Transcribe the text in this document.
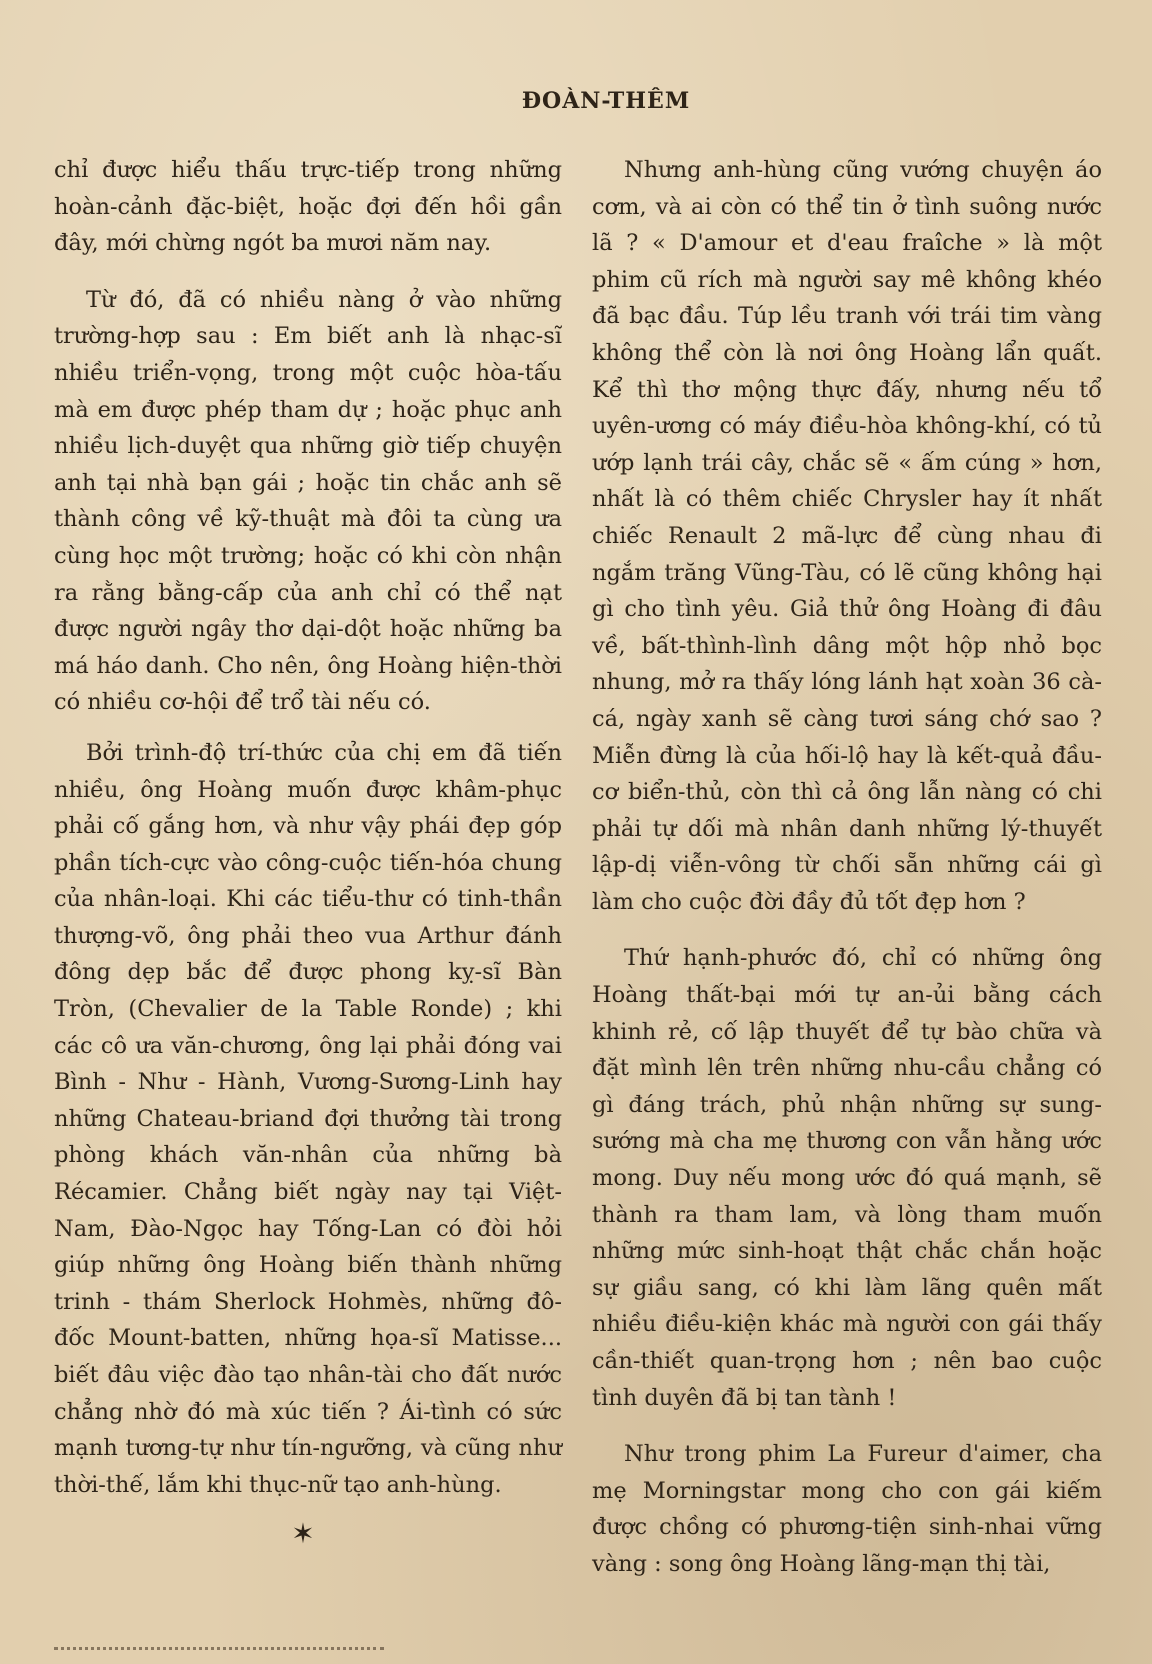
ĐOÀN-THÊM

chỉ được hiểu thấu trực-tiếp trong những hoàn-cảnh đặc-biệt, hoặc đợi đến hồi gần đây, mới chừng ngót ba mươi năm nay.

Từ đó, đã có nhiều nàng ở vào những trường-hợp sau : Em biết anh là nhạc-sĩ nhiều triển-vọng, trong một cuộc hòa-tấu mà em được phép tham dự ; hoặc phục anh nhiều lịch-duyệt qua những giờ tiếp chuyện anh tại nhà bạn gái ; hoặc tin chắc anh sẽ thành công về kỹ-thuật mà đôi ta cùng ưa cùng học một trường; hoặc có khi còn nhận ra rằng bằng-cấp của anh chỉ có thể nạt được người ngây thơ dại-dột hoặc những ba má háo danh. Cho nên, ông Hoàng hiện-thời có nhiều cơ-hội để trổ tài nếu có.

Bởi trình-độ trí-thức của chị em đã tiến nhiều, ông Hoàng muốn được khâm-phục phải cố gắng hơn, và như vậy phái đẹp góp phần tích-cực vào công-cuộc tiến-hóa chung của nhân-loại. Khi các tiểu-thư có tinh-thần thượng-võ, ông phải theo vua Arthur đánh đông dẹp bắc để được phong kỵ-sĩ Bàn Tròn, (Chevalier de la Table Ronde) ; khi các cô ưa văn-chương, ông lại phải đóng vai Bình - Như - Hành, Vương-Sương-Linh hay những Chateau-briand đợi thưởng tài trong phòng khách văn-nhân của những bà Récamier. Chẳng biết ngày nay tại Việt-Nam, Đào-Ngọc hay Tống-Lan có đòi hỏi giúp những ông Hoàng biến thành những trinh - thám Sherlock Hohmès, những đô-đốc Mount-batten, những họa-sĩ Matisse... biết đâu việc đào tạo nhân-tài cho đất nước chẳng nhờ đó mà xúc tiến ? Ái-tình có sức mạnh tương-tự như tín-ngưỡng, và cũng như thời-thế, lắm khi thục-nữ tạo anh-hùng.

✶

Nhưng anh-hùng cũng vướng chuyện áo cơm, và ai còn có thể tin ở tình suông nước lã ? « D'amour et d'eau fraîche » là một phim cũ rích mà người say mê không khéo đã bạc đầu. Túp lều tranh với trái tim vàng không thể còn là nơi ông Hoàng lẩn quất. Kể thì thơ mộng thực đấy, nhưng nếu tổ uyên-ương có máy điều-hòa không-khí, có tủ ướp lạnh trái cây, chắc sẽ « ấm cúng » hơn, nhất là có thêm chiếc Chrysler hay ít nhất chiếc Renault 2 mã-lực để cùng nhau đi ngắm trăng Vũng-Tàu, có lẽ cũng không hại gì cho tình yêu. Giả thử ông Hoàng đi đâu về, bất-thình-lình dâng một hộp nhỏ bọc nhung, mở ra thấy lóng lánh hạt xoàn 36 cà-cá, ngày xanh sẽ càng tươi sáng chớ sao ? Miễn đừng là của hối-lộ hay là kết-quả đầu-cơ biển-thủ, còn thì cả ông lẫn nàng có chi phải tự dối mà nhân danh những lý-thuyết lập-dị viễn-vông từ chối sẵn những cái gì làm cho cuộc đời đầy đủ tốt đẹp hơn ?

Thứ hạnh-phước đó, chỉ có những ông Hoàng thất-bại mới tự an-ủi bằng cách khinh rẻ, cố lập thuyết để tự bào chữa và đặt mình lên trên những nhu-cầu chẳng có gì đáng trách, phủ nhận những sự sung-sướng mà cha mẹ thương con vẫn hằng ước mong. Duy nếu mong ước đó quá mạnh, sẽ thành ra tham lam, và lòng tham muốn những mức sinh-hoạt thật chắc chắn hoặc sự giầu sang, có khi làm lãng quên mất nhiều điều-kiện khác mà người con gái thấy cần-thiết quan-trọng hơn ; nên bao cuộc tình duyên đã bị tan tành !

Như trong phim La Fureur d'aimer, cha mẹ Morningstar mong cho con gái kiếm được chồng có phương-tiện sinh-nhai vững vàng : song ông Hoàng lãng-mạn thị tài,
